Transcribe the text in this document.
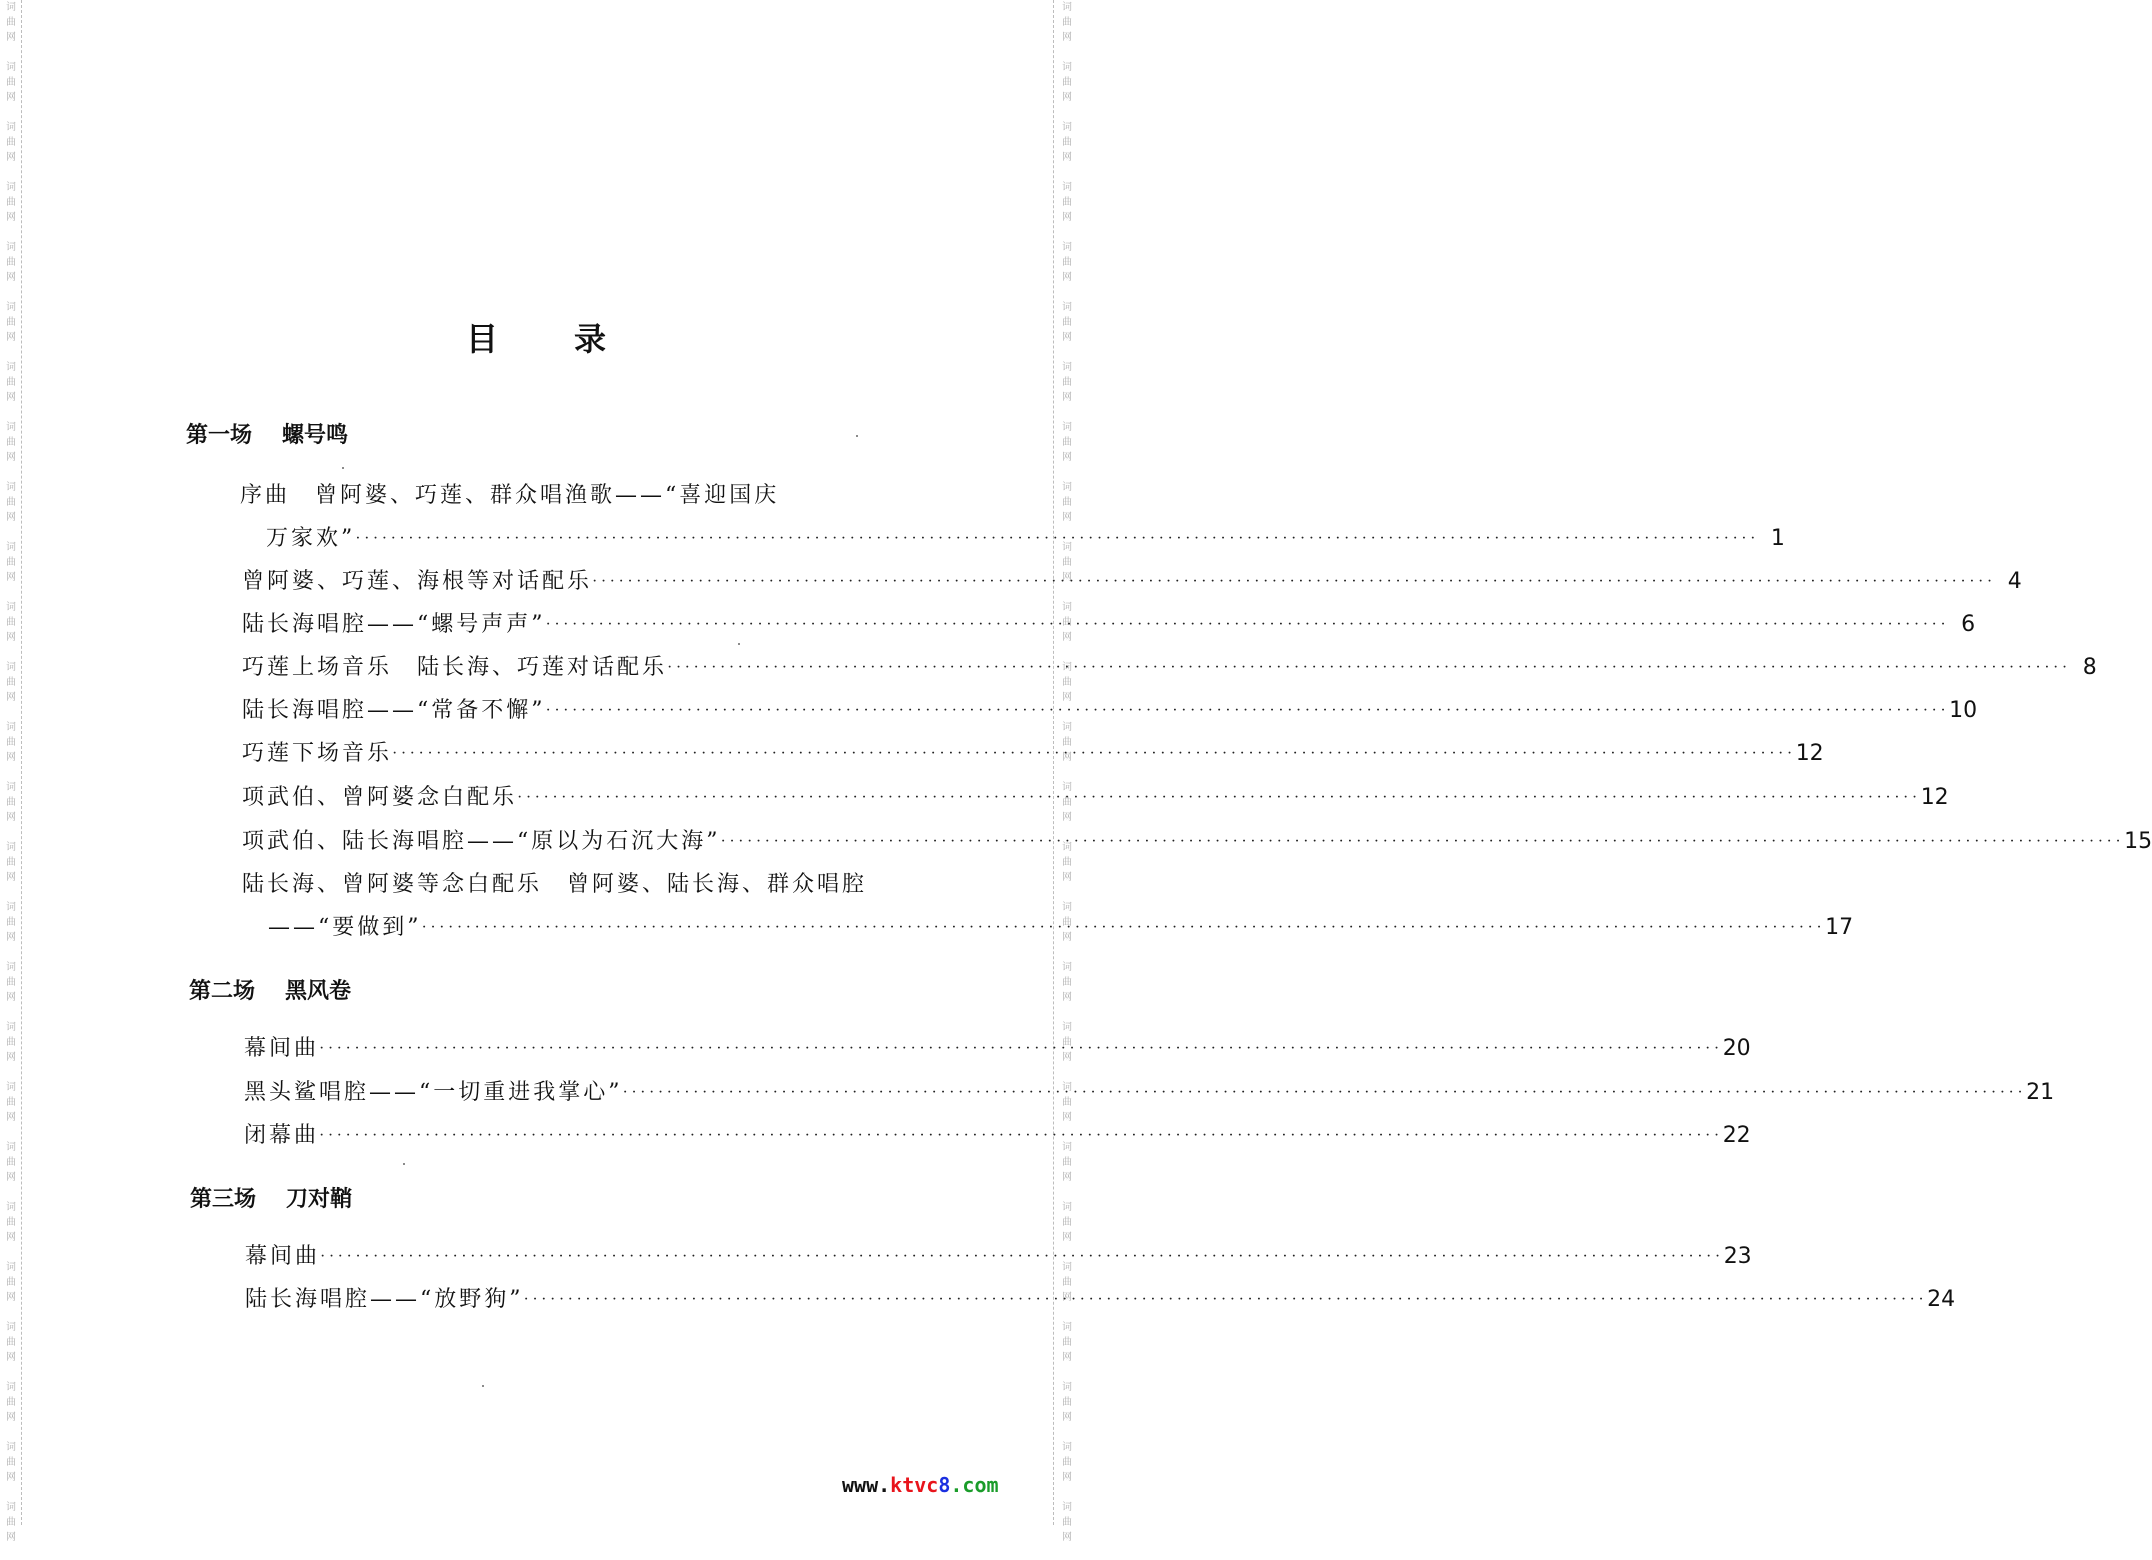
词
曲
网
词
曲
网
词
曲
网
词
曲
网
词
曲
网
词
曲
网
词
曲
网
词
曲
网
词
曲
网
词
曲
网
词
曲
网
词
曲
网
词
曲
网
词
曲
网
词
曲
网
词
曲
网
词
曲
网
词
曲
网
词
曲
网
词
曲
网
词
曲
网
词
曲
网
词
曲
网
词
曲
网
词
曲
网
词
曲
网
词
曲
网
词
曲
网
词
曲
网
词
曲
网
词
曲
网
词
曲
网
词
曲
网
词
曲
网
词
曲
网
词
曲
网
词
曲
网
词
曲
网
词
曲
网
词
曲
网
词
曲
网
词
曲
网
词
曲
网
词
曲
网
词
曲
网
词
曲
网
词
曲
网
词
曲
网
词
曲
网
词
曲
网
词
曲
网
词
曲
网
目 录
第一场 螺号鸣
序曲　曾阿婆、巧莲、群众唱渔歌——“喜迎国庆
万家欢” ·····	1
曾阿婆、巧莲、海根等对话配乐 ·····	4
陆长海唱腔——“螺号声声” ·····	6
巧莲上场音乐　陆长海、巧莲对话配乐 ·····	8
陆长海唱腔——“常备不懈” ·····	10
巧莲下场音乐 ·····	12
项武伯、曾阿婆念白配乐 ·····	12
项武伯、陆长海唱腔——“原以为石沉大海” ·····	15
陆长海、曾阿婆等念白配乐　曾阿婆、陆长海、群众唱腔
——“要做到” ·····	17
第二场 黑风卷
幕间曲 ·····	20
黑头鲨唱腔——“一切重进我掌心” ·····	21
闭幕曲 ·····	22
第三场 刀对鞘
幕间曲 ·····	23
陆长海唱腔——“放野狗” ·····	24
www.ktvc8.com
